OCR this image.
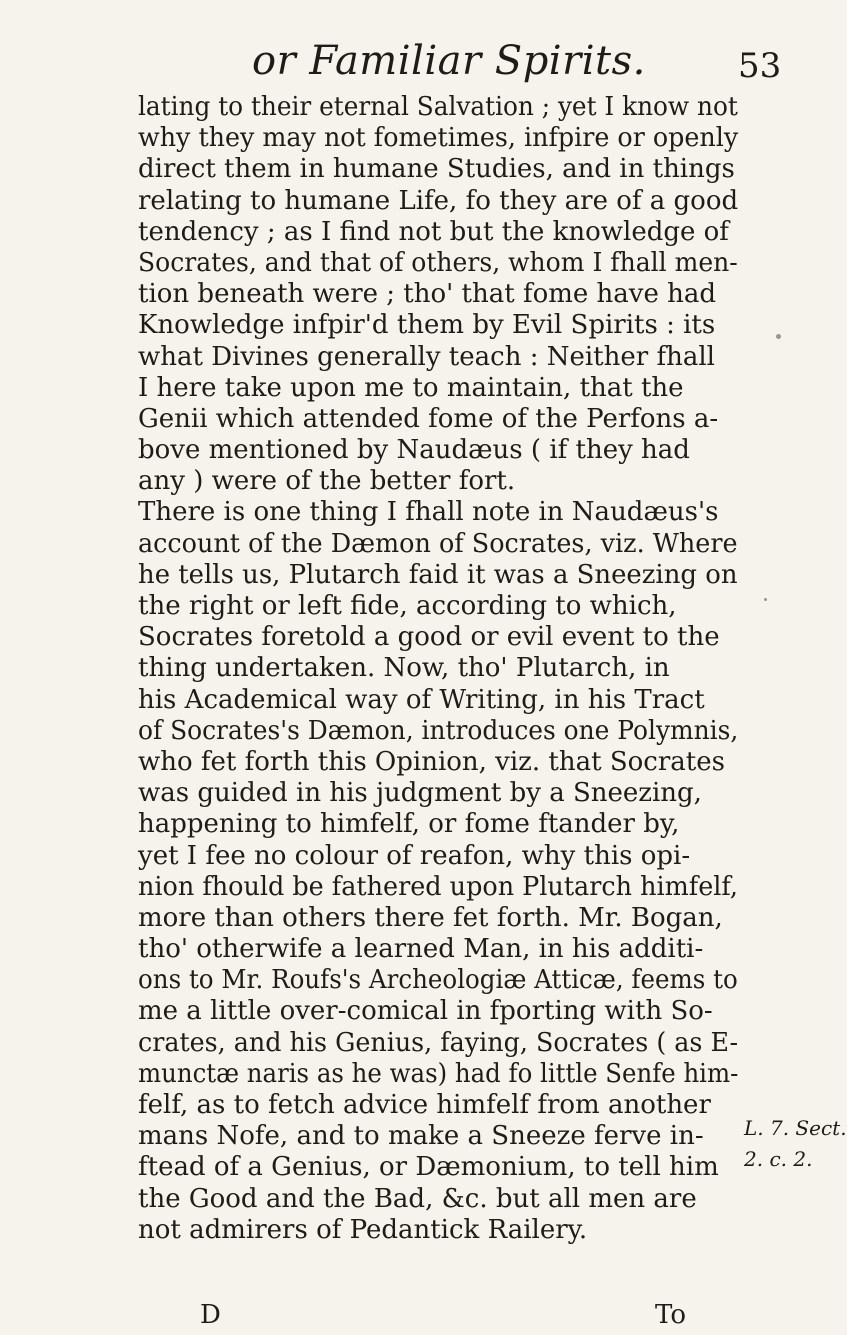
or Familiar Spirits.	53
lating to their eternal Salvation ; yet I know not
why they may not fometimes, infpire or openly
direct them in humane Studies, and in things
relating to humane Life, fo they are of a good
tendency ; as I find not but the knowledge of
Socrates, and that of others, whom I fhall men-
tion beneath were ; tho' that fome have had
Knowledge infpir'd them by Evil Spirits : its
what Divines generally teach : Neither fhall
I here take upon me to maintain, that the
Genii which attended fome of the Perfons a-
bove mentioned by Naudæus ( if they had
any ) were of the better fort.
There is one thing I fhall note in Naudæus's
account of the Dæmon of Socrates, viz. Where
he tells us, Plutarch faid it was a Sneezing on
the right or left fide, according to which,
Socrates foretold a good or evil event to the
thing undertaken. Now, tho' Plutarch, in
his Academical way of Writing, in his Tract
of Socrates's Dæmon, introduces one Polymnis,
who fet forth this Opinion, viz. that Socrates
was guided in his judgment by a Sneezing,
happening to himfelf, or fome ftander by,
yet I fee no colour of reafon, why this opi-
nion fhould be fathered upon Plutarch himfelf,
more than others there fet forth. Mr. Bogan,
tho' otherwife a learned Man, in his additi-
ons to Mr. Roufs's Archeologiæ Atticæ, feems to
me a little over-comical in fporting with So-
crates, and his Genius, faying, Socrates ( as E-
munctæ naris as he was) had fo little Senfe him-
felf, as to fetch advice himfelf from another
mans Nofe, and to make a Sneeze ferve in-
ftead of a Genius, or Dæmonium, to tell him
the Good and the Bad, &c. but all men are
not admirers of Pedantick Railery.
L. 7. Sect.
2. c. 2.
D	To
